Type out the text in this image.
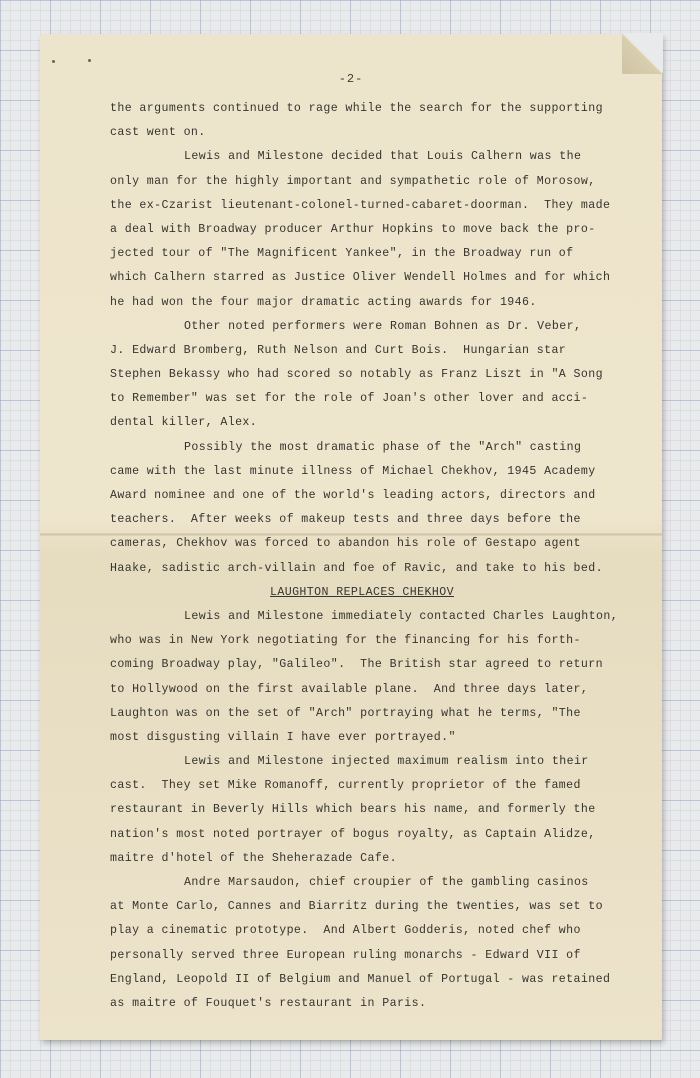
-2-
the arguments continued to rage while the search for the supporting
cast went on.
Lewis and Milestone decided that Louis Calhern was the
only man for the highly important and sympathetic role of Morosow,
the ex-Czarist lieutenant-colonel-turned-cabaret-doorman.  They made
a deal with Broadway producer Arthur Hopkins to move back the pro-
jected tour of "The Magnificent Yankee", in the Broadway run of
which Calhern starred as Justice Oliver Wendell Holmes and for which
he had won the four major dramatic acting awards for 1946.
Other noted performers were Roman Bohnen as Dr. Veber,
J. Edward Bromberg, Ruth Nelson and Curt Bois.  Hungarian star
Stephen Bekassy who had scored so notably as Franz Liszt in "A Song
to Remember" was set for the role of Joan's other lover and acci-
dental killer, Alex.
Possibly the most dramatic phase of the "Arch" casting
came with the last minute illness of Michael Chekhov, 1945 Academy
Award nominee and one of the world's leading actors, directors and
teachers.  After weeks of makeup tests and three days before the
cameras, Chekhov was forced to abandon his role of Gestapo agent
Haake, sadistic arch-villain and foe of Ravic, and take to his bed.
LAUGHTON REPLACES CHEKHOV
Lewis and Milestone immediately contacted Charles Laughton,
who was in New York negotiating for the financing for his forth-
coming Broadway play, "Galileo".  The British star agreed to return
to Hollywood on the first available plane.  And three days later,
Laughton was on the set of "Arch" portraying what he terms, "The
most disgusting villain I have ever portrayed."
Lewis and Milestone injected maximum realism into their
cast.  They set Mike Romanoff, currently proprietor of the famed
restaurant in Beverly Hills which bears his name, and formerly the
nation's most noted portrayer of bogus royalty, as Captain Alidze,
maitre d'hotel of the Sheherazade Cafe.
Andre Marsaudon, chief croupier of the gambling casinos
at Monte Carlo, Cannes and Biarritz during the twenties, was set to
play a cinematic prototype.  And Albert Godderis, noted chef who
personally served three European ruling monarchs - Edward VII of
England, Leopold II of Belgium and Manuel of Portugal - was retained
as maitre of Fouquet's restaurant in Paris.
